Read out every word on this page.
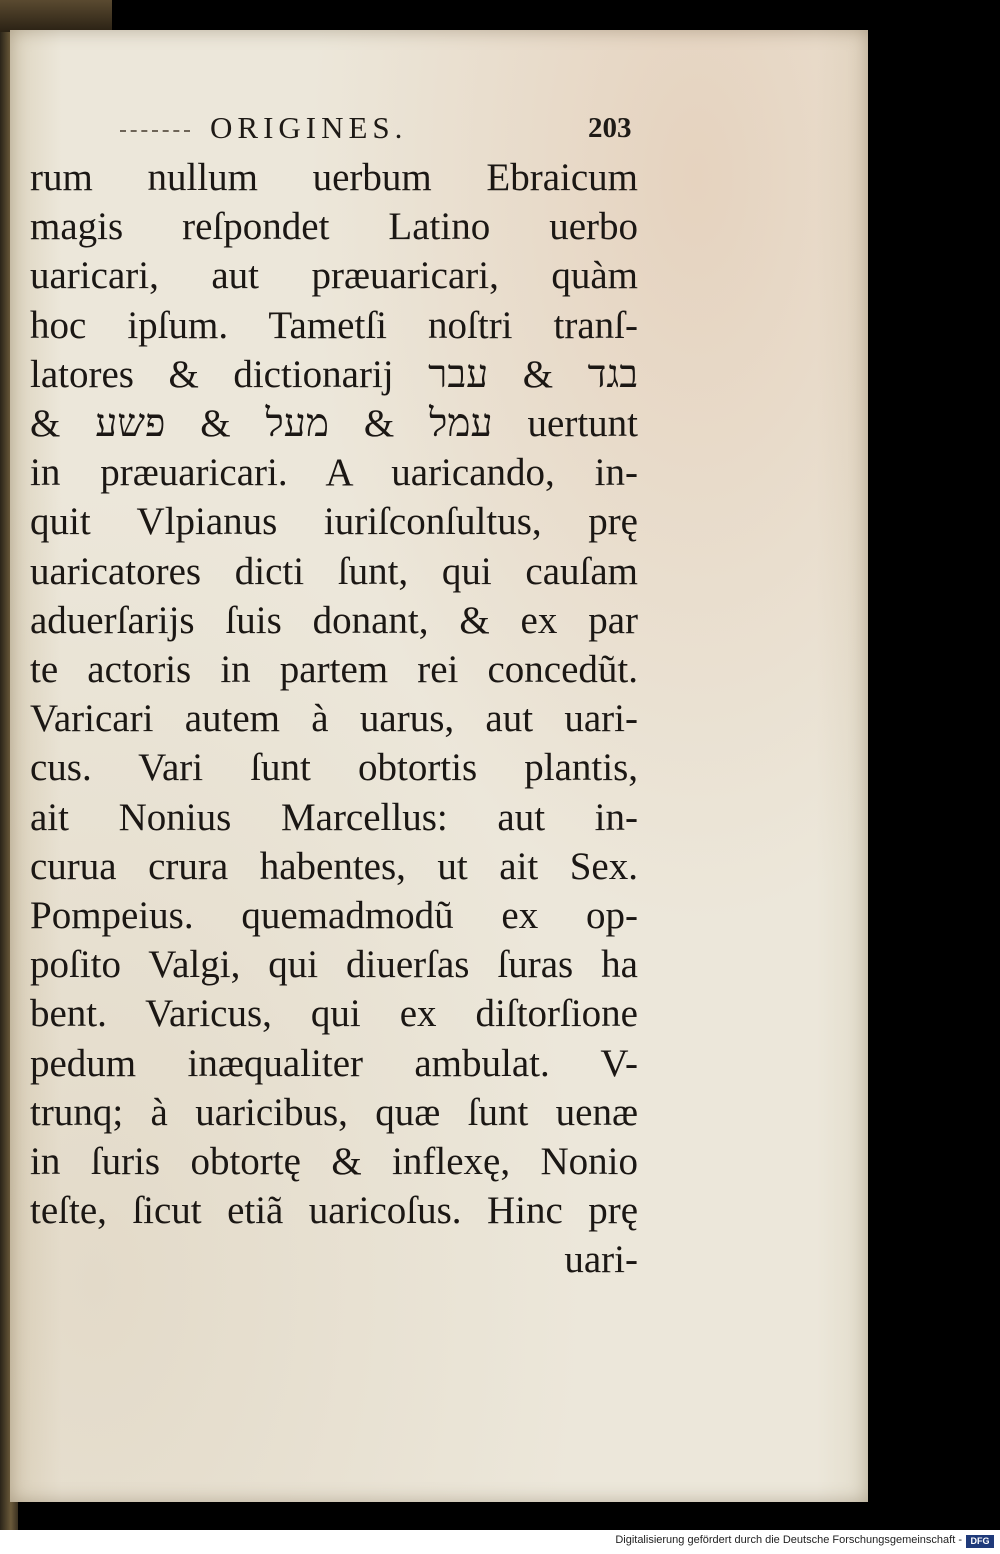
ORIGINES.	203
rum nullum uerbum Ebraicum
magis reſpondet Latino uerbo
uaricari, aut præuaricari, quàm
hoc ipſum. Tametſi noſtri tranſ-
latores & dictionarij בגד & עבר
& עמל & מעל & פשע uertunt
in præuaricari. A uaricando, in-
quit Vlpianus iuriſconſultus, prę
uaricatores dicti ſunt, qui cauſam
aduerſarijs ſuis donant, & ex par
te actoris in partem rei concedũt.
Varicari autem à uarus, aut uari-
cus. Vari ſunt obtortis plantis,
ait Nonius Marcellus: aut in-
curua crura habentes, ut ait Sex.
Pompeius. quemadmodũ ex op-
poſito Valgi, qui diuerſas ſuras ha
bent. Varicus, qui ex diſtorſione
pedum inæqualiter ambulat. V-
trunq; à uaricibus, quæ ſunt uenæ
in ſuris obtortę & inflexę, Nonio
teſte, ſicut etiã uaricoſus. Hinc prę
uari-
Digitalisierung gefördert durch die Deutsche Forschungsgemeinschaft - DFG
